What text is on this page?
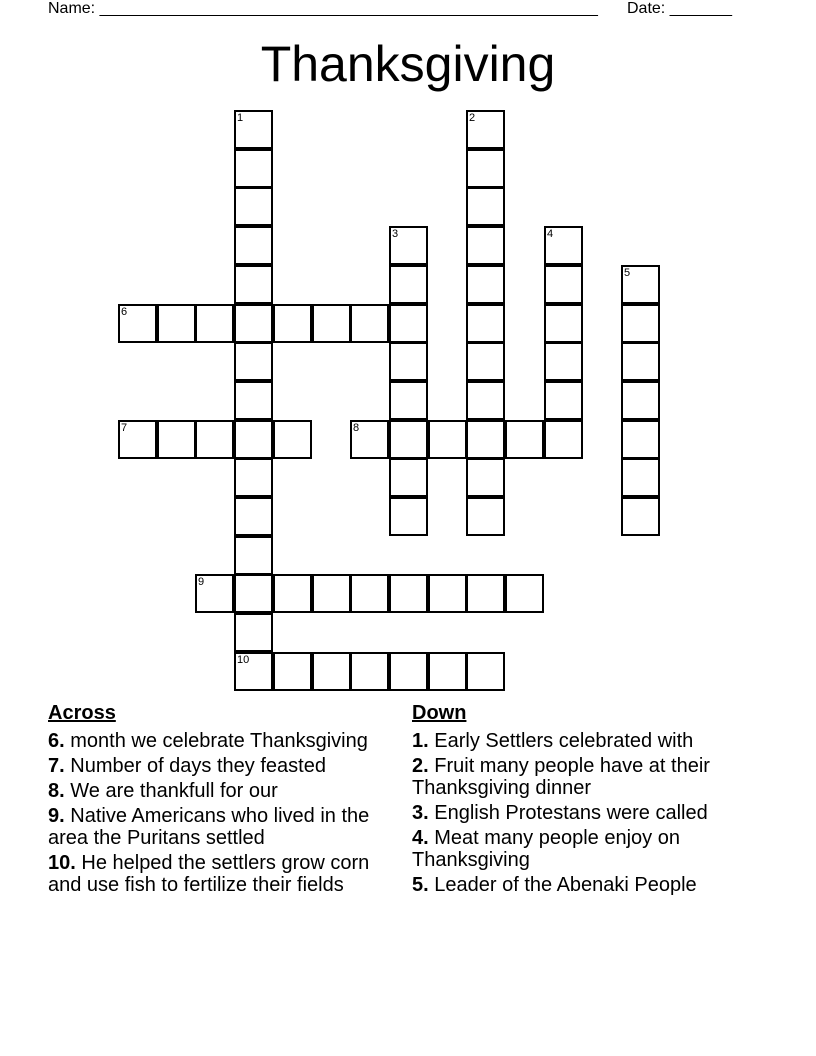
Name: ________________________________________________________ Date: _______
Thanksgiving
1
10
2
3	4
5
6
7	8
9
Across
6. month we celebrate Thanksgiving
7. Number of days they feasted
8. We are thankfull for our
9. Native Americans who lived in the area the Puritans settled
10. He helped the settlers grow corn and use fish to fertilize their fields
Down
1. Early Settlers celebrated with
2. Fruit many people have at their Thanksgiving dinner
3. English Protestans were called
4. Meat many people enjoy on Thanksgiving
5. Leader of the Abenaki People
